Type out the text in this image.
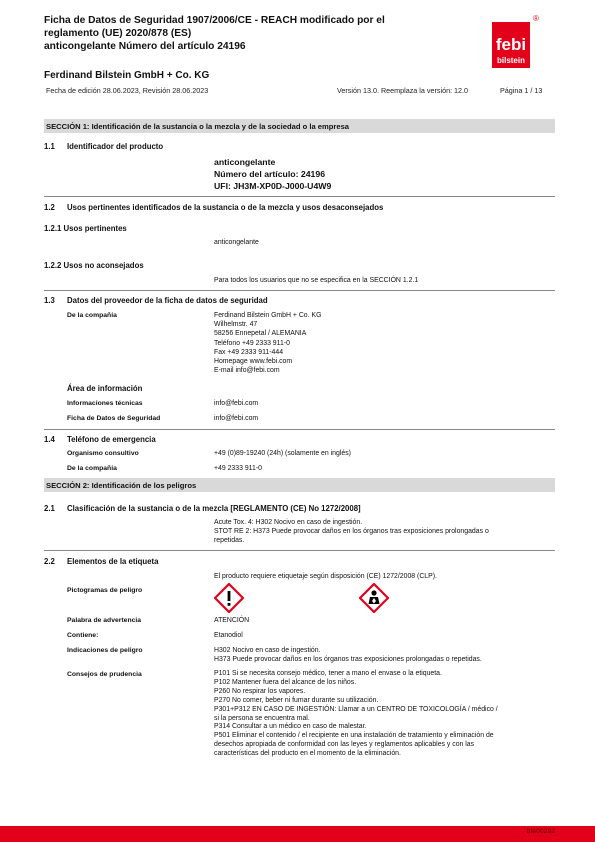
Ficha de Datos de Seguridad 1907/2006/CE - REACH modificado por el
reglamento (UE) 2020/878 (ES)
anticongelante Número del artículo 24196	febi
bilstein
®
Ferdinand Bilstein GmbH + Co. KG
Fecha de edición 28.06.2023, Revisión 28.06.2023	Versión 13.0. Reemplaza la versión: 12.0	Página 1 / 13
SECCIÓN 1: Identificación de la sustancia o la mezcla y de la sociedad o la empresa
1.1 Identificador del producto
anticongelante
Número del artículo: 24196
UFI: JH3M-XP0D-J000-U4W9
1.2 Usos pertinentes identificados de la sustancia o de la mezcla y usos desaconsejados
1.2.1 Usos pertinentes
anticongelante
1.2.2 Usos no aconsejados
Para todos los usuarios que no se especifica en la SECCIÓN 1.2.1
1.3 Datos del proveedor de la ficha de datos de seguridad
De la compañía	Ferdinand Bilstein GmbH + Co. KG
Wilhelmstr. 47
58256 Ennepetal / ALEMANIA
Teléfono +49 2333 911-0
Fax +49 2333 911-444
Homepage www.febi.com
E-mail info@febi.com
Área de información
Informaciones técnicas	info@febi.com
Ficha de Datos de Seguridad	info@febi.com
1.4 Teléfono de emergencia
Organismo consultivo	+49 (0)89-19240 (24h) (solamente en inglés)
De la compañía	+49 2333 911-0
SECCIÓN 2: Identificación de los peligros
2.1 Clasificación de la sustancia o de la mezcla [REGLAMENTO (CE) No 1272/2008]
Acute Tox. 4: H302 Nocivo en caso de ingestión.
STOT RE 2: H373 Puede provocar daños en los órganos tras exposiciones prolongadas o
repetidas.
2.2 Elementos de la etiqueta
El producto requiere etiquetaje según disposición (CE) 1272/2008 (CLP).
Pictogramas de peligro
Palabra de advertencia	ATENCIÓN
Contiene:	Etanodiol
Indicaciones de peligro	H302 Nocivo en caso de ingestión.
H373 Puede provocar daños en los órganos tras exposiciones prolongadas o repetidas.
Consejos de prudencia	P101 Si se necesita consejo médico, tener a mano el envase o la etiqueta.
P102 Mantener fuera del alcance de los niños.
P260 No respirar los vapores.
P270 No comer, beber ni fumar durante su utilización.
P301+P312 EN CASO DE INGESTIÓN: Llamar a un CENTRO DE TOXICOLOGÍA / médico /
si la persona se encuentra mal.
P314 Consultar a un médico en caso de malestar.
P501 Eliminar el contenido / el recipiente en una instalación de tratamiento y eliminación de
desechos apropiada de conformidad con las leyes y reglamentos aplicables y con las
características del producto en el momento de la eliminación.
bfe00292
